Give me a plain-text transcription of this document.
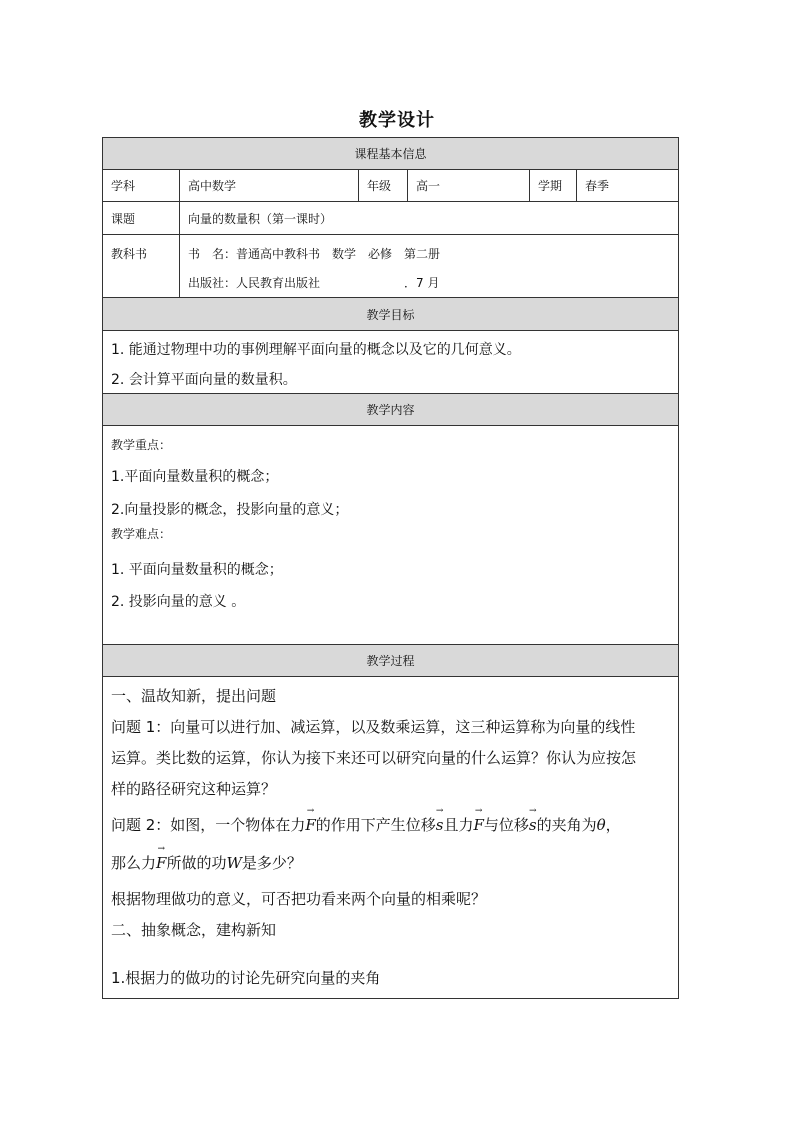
教学设计
课程基本信息
学科	高中数学	年级	高一	学期	春季
课题	向量的数量积（第一课时）
教科书	书　名：普通高中教科书　数学　必修　第二册
出版社：人民教育出版社　　　　　　　．7 月
教学目标
1. 能通过物理中功的事例理解平面向量的概念以及它的几何意义。
2. 会计算平面向量的数量积。
教学内容
教学重点：
1.平面向量数量积的概念；
2.向量投影的概念，投影向量的意义；
教学难点：
1. 平面向量数量积的概念；
2. 投影向量的意义 。
教学过程
一、温故知新，提出问题
问题 1：向量可以进行加、减运算，以及数乘运算，这三种运算称为向量的线性
运算。类比数的运算，你认为接下来还可以研究向量的什么运算？你认为应按怎
样的路径研究这种运算？
问题 2：如图，一个物体在力
→
F的作用下产生位移
→
s且力
→
F与位移
→
s的夹角为θ，
那么力
→
F所做的功W是多少？
根据物理做功的意义，可否把功看来两个向量的相乘呢？
二、抽象概念，建构新知
1.根据力的做功的讨论先研究向量的夹角
